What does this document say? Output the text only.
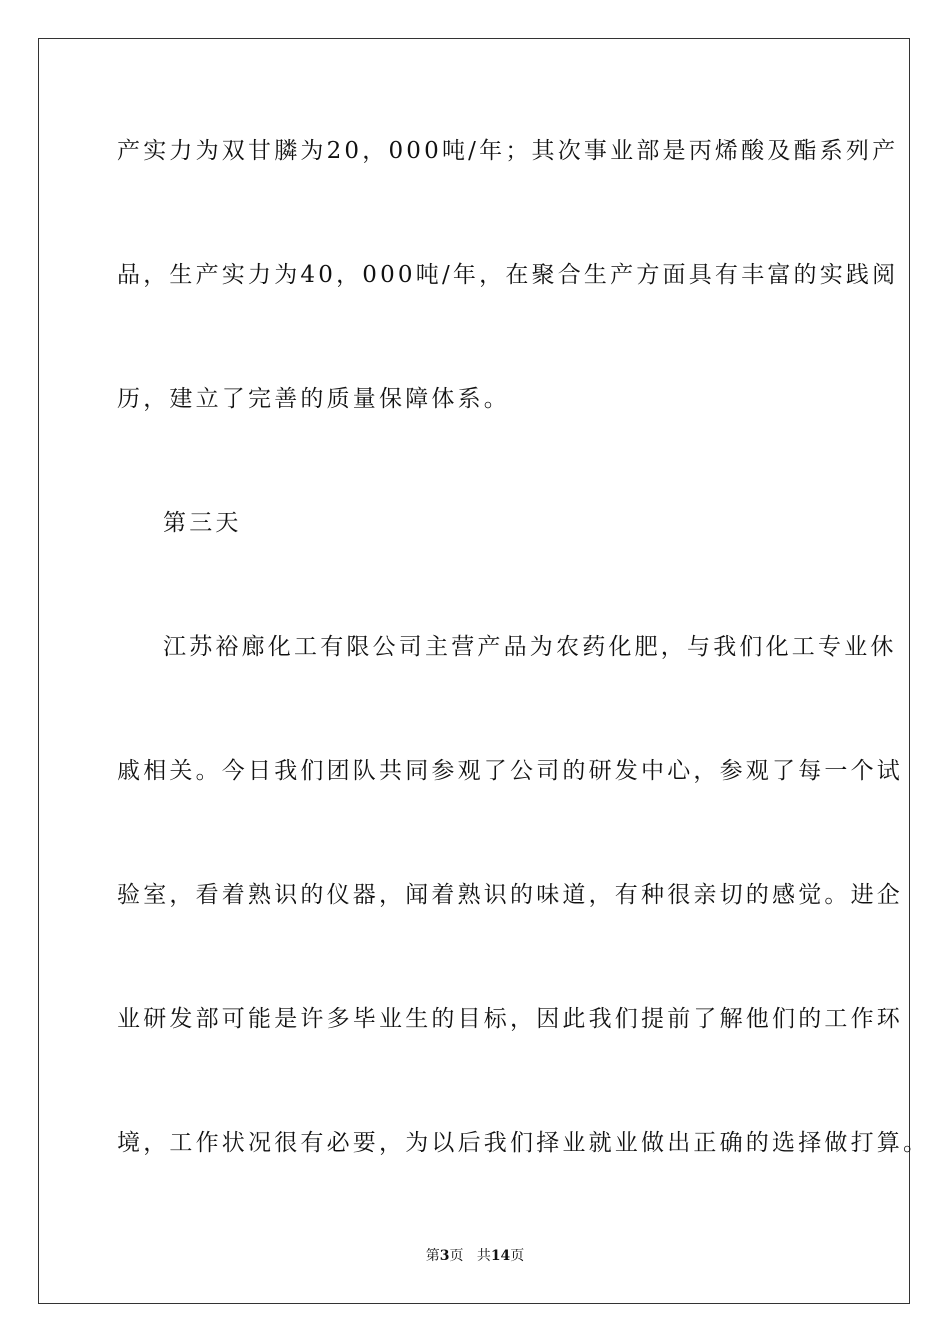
产实力为双甘膦为20，000吨/年；其次事业部是丙烯酸及酯系列产
品，生产实力为40，000吨/年，在聚合生产方面具有丰富的实践阅
历，建立了完善的质量保障体系。
第三天
江苏裕廊化工有限公司主营产品为农药化肥，与我们化工专业休
戚相关。今日我们团队共同参观了公司的研发中心，参观了每一个试
验室，看着熟识的仪器，闻着熟识的味道，有种很亲切的感觉。进企
业研发部可能是许多毕业生的目标，因此我们提前了解他们的工作环
境，工作状况很有必要，为以后我们择业就业做出正确的选择做打算。
第3页 共14页
